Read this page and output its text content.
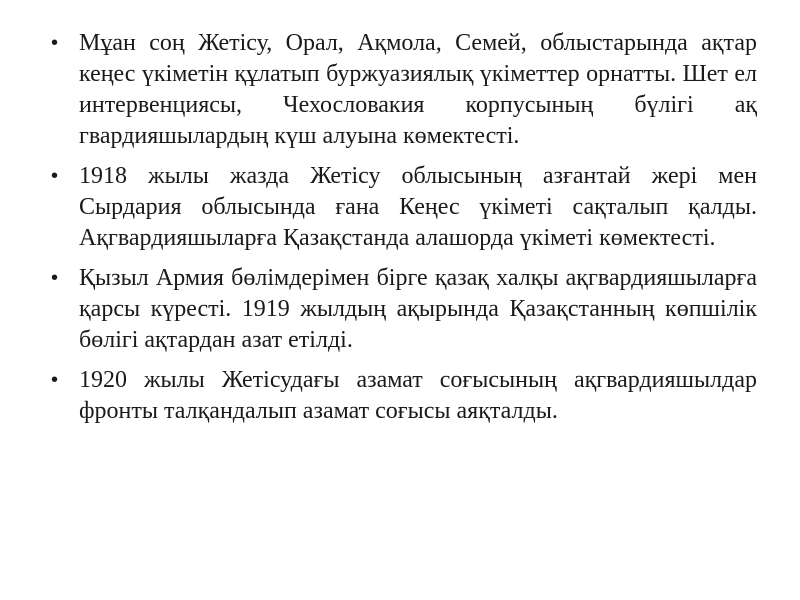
• Мұан соң Жетісу, Орал, Ақмола, Семей, облыстарында ақтар кеңес үкіметін құлатып буржуазиялық үкіметтер орнатты. Шет ел интервенциясы, Чехословакия корпусының бүлігі ақ гвардияшылардың күш алуына көмектесті.
• 1918 жылы жазда Жетісу облысының азғантай жері мен Сырдария облысында ғана Кеңес үкіметі сақталып қалды. Ақгвардияшыларға Қазақстанда алашорда үкіметі көмектесті.
• Қызыл Армия бөлімдерімен бірге қазақ халқы ақгвардияшыларға қарсы күресті. 1919 жылдың ақырында Қазақстанның көпшілік бөлігі ақтардан азат етілді.
• 1920 жылы Жетісудағы азамат соғысының ақгвардияшылдар фронты талқандалып азамат соғысы аяқталды.
